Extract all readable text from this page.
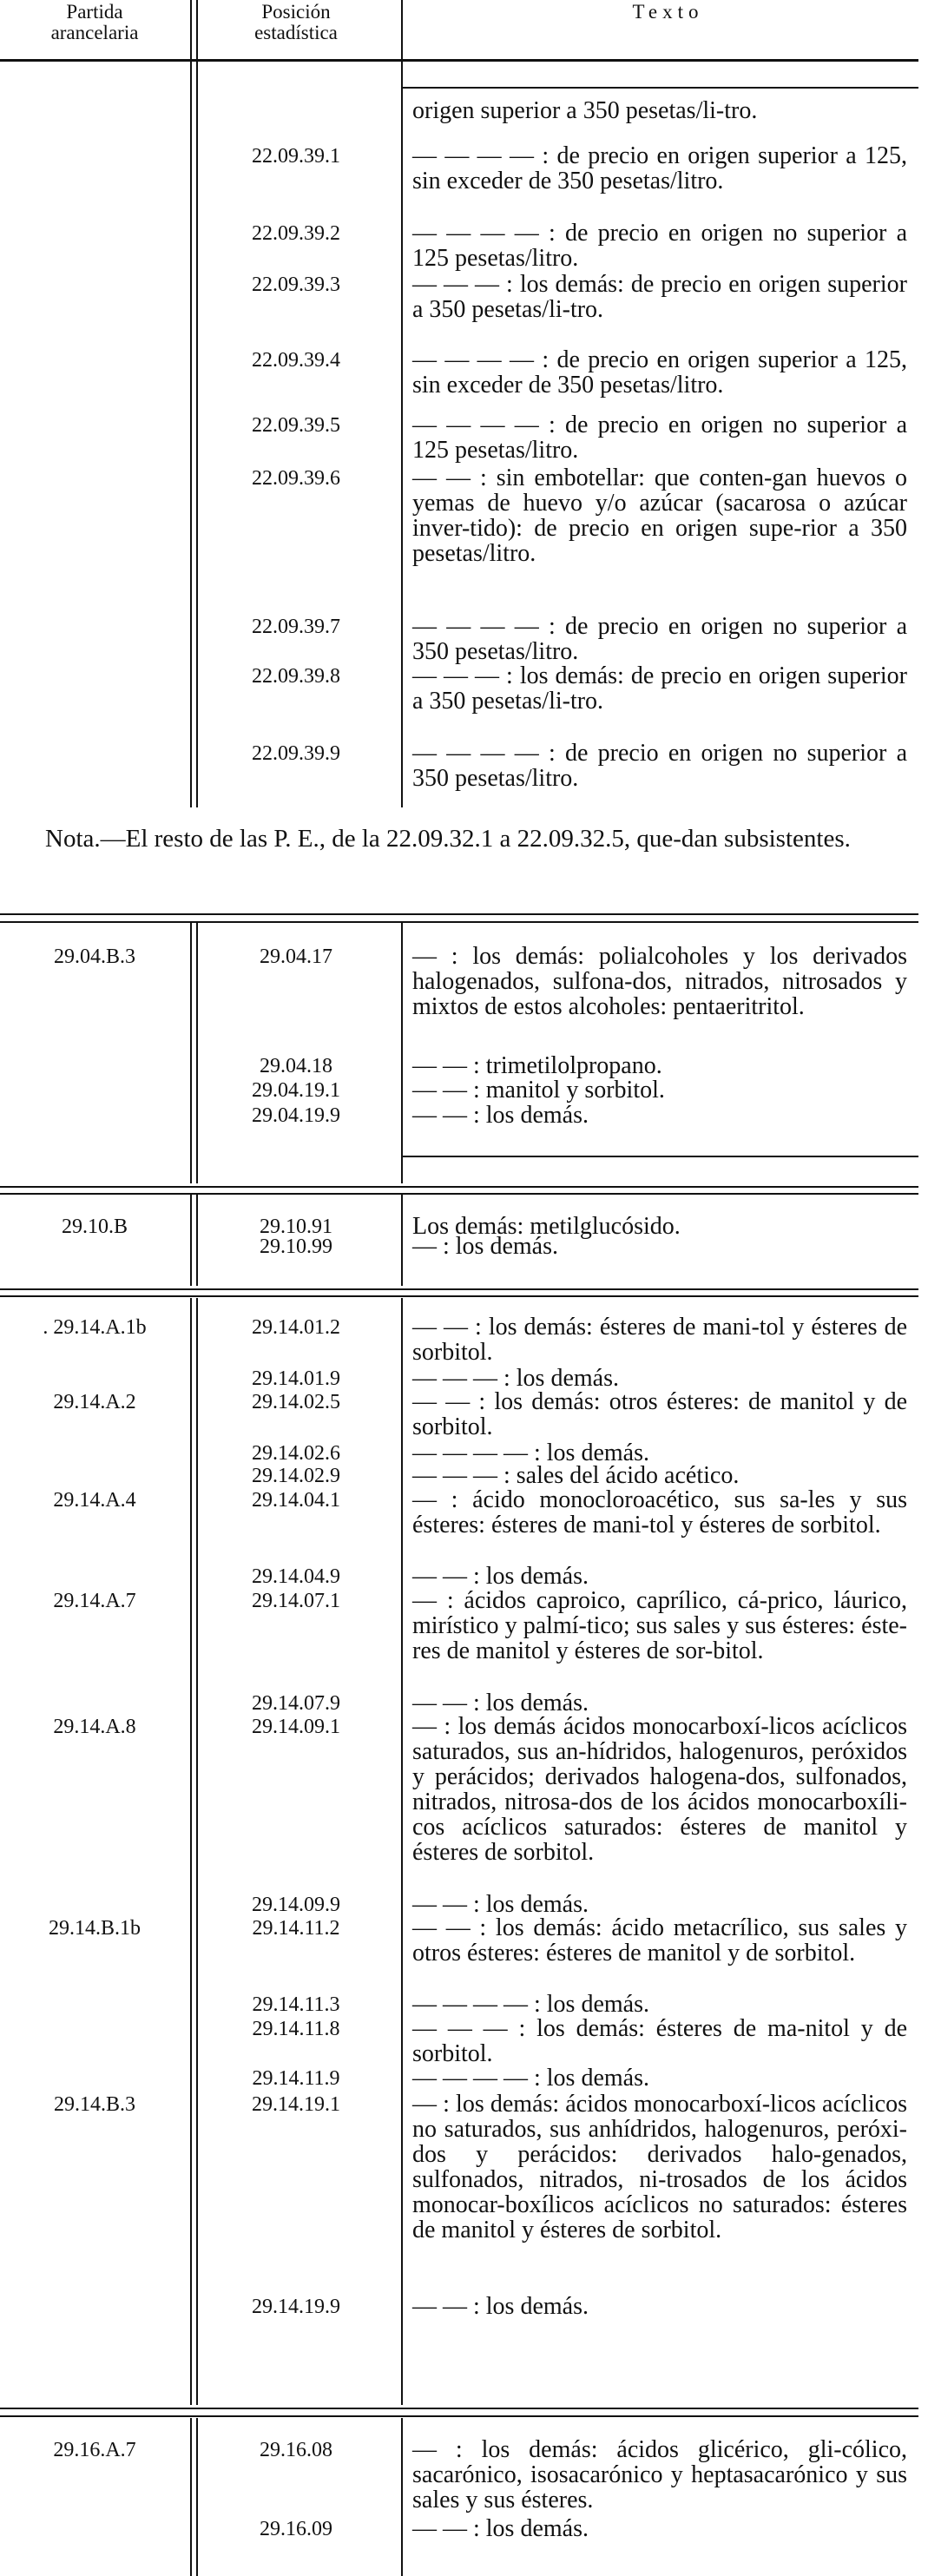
Partida
arancelaria
Posición
estadística
Texto
origen superior a 350 pesetas/li-tro.
22.09.39.1	— — — — : de precio en origen superior a 125, sin exceder de 350 pesetas/litro.
22.09.39.2	— — — — : de precio en origen no superior a 125 pesetas/litro.
22.09.39.3	— — — : los demás: de precio en origen superior a 350 pesetas/li-tro.
22.09.39.4	— — — — : de precio en origen superior a 125, sin exceder de 350 pesetas/litro.
22.09.39.5	— — — — : de precio en origen no superior a 125 pesetas/litro.
22.09.39.6	— — : sin embotellar: que conten-gan huevos o yemas de huevo y/o azúcar (sacarosa o azúcar inver-tido): de precio en origen supe-rior a 350 pesetas/litro.
22.09.39.7	— — — — : de precio en origen no superior a 350 pesetas/litro.
22.09.39.8	— — — : los demás: de precio en origen superior a 350 pesetas/li-tro.
22.09.39.9	— — — — : de precio en origen no superior a 350 pesetas/litro.
Nota.—El resto de las P. E., de la 22.09.32.1 a 22.09.32.5, que-dan subsistentes.
29.04.B.3	29.04.17	— : los demás: polialcoholes y los derivados halogenados, sulfona-dos, nitrados, nitrosados y mixtos de estos alcoholes: pentaeritritol.
29.04.18	— — : trimetilolpropano.
29.04.19.1	— — : manitol y sorbitol.
29.04.19.9	— — : los demás.
29.10.B	29.10.91	Los demás: metilglucósido.
29.10.99	— : los demás.
. 29.14.A.1b	29.14.01.2	— — : los demás: ésteres de mani-tol y ésteres de sorbitol.
29.14.01.9	— — — : los demás.
29.14.A.2	29.14.02.5	— — : los demás: otros ésteres: de manitol y de sorbitol.
29.14.02.6	— — — — : los demás.
29.14.02.9	— — — : sales del ácido acético.
29.14.A.4	29.14.04.1	— : ácido monocloroacético, sus sa-les y sus ésteres: ésteres de mani-tol y ésteres de sorbitol.
29.14.04.9	— — : los demás.
29.14.A.7	29.14.07.1	— : ácidos caproico, caprílico, cá-prico, láurico, mirístico y palmí-tico; sus sales y sus ésteres: éste-res de manitol y ésteres de sor-bitol.
29.14.07.9	— — : los demás.
29.14.A.8	29.14.09.1	— : los demás ácidos monocarboxí-licos acíclicos saturados, sus an-hídridos, halogenuros, peróxidos y perácidos; derivados halogena-dos, sulfonados, nitrados, nitrosa-dos de los ácidos monocarboxíli-cos acíclicos saturados: ésteres de manitol y ésteres de sorbitol.
29.14.09.9	— — : los demás.
29.14.B.1b	29.14.11.2	— — : los demás: ácido metacrílico, sus sales y otros ésteres: ésteres de manitol y de sorbitol.
29.14.11.3	— — — — : los demás.
29.14.11.8	— — — : los demás: ésteres de ma-nitol y de sorbitol.
29.14.11.9	— — — — : los demás.
29.14.B.3	29.14.19.1	— : los demás: ácidos monocarboxí-licos acíclicos no saturados, sus anhídridos, halogenuros, peróxi-dos y perácidos: derivados halo-genados, sulfonados, nitrados, ni-trosados de los ácidos monocar-boxílicos acíclicos no saturados: ésteres de manitol y ésteres de sorbitol.
29.14.19.9	— — : los demás.
29.16.A.7	29.16.08	— : los demás: ácidos glicérico, gli-cólico, sacarónico, isosacarónico y heptasacarónico y sus sales y sus ésteres.
29.16.09	— — : los demás.
